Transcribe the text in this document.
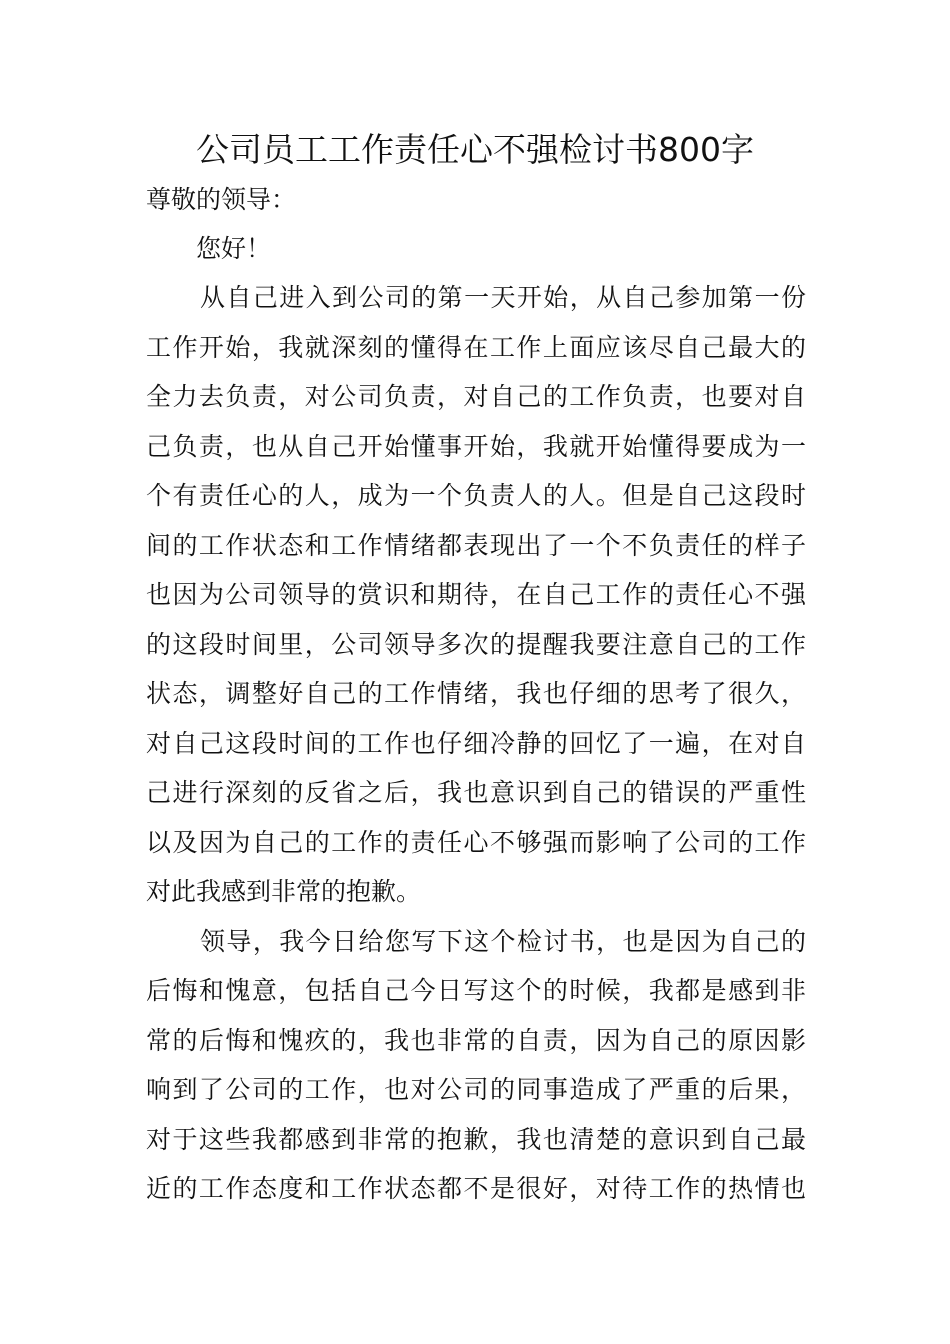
公司员工工作责任心不强检讨书800字

尊敬的领导：

您好！

从自己进入到公司的第一天开始，从自己参加第一份

工作开始，我就深刻的懂得在工作上面应该尽自己最大的

全力去负责，对公司负责，对自己的工作负责，也要对自

己负责，也从自己开始懂事开始，我就开始懂得要成为一

个有责任心的人，成为一个负责人的人。但是自己这段时

间的工作状态和工作情绪都表现出了一个不负责任的样子

也因为公司领导的赏识和期待，在自己工作的责任心不强

的这段时间里，公司领导多次的提醒我要注意自己的工作

状态，调整好自己的工作情绪，我也仔细的思考了很久，

对自己这段时间的工作也仔细冷静的回忆了一遍，在对自

己进行深刻的反省之后，我也意识到自己的错误的严重性

以及因为自己的工作的责任心不够强而影响了公司的工作

对此我感到非常的抱歉。

领导，我今日给您写下这个检讨书，也是因为自己的

后悔和愧意，包括自己今日写这个的时候，我都是感到非

常的后悔和愧疚的，我也非常的自责，因为自己的原因影

响到了公司的工作，也对公司的同事造成了严重的后果，

对于这些我都感到非常的抱歉，我也清楚的意识到自己最

近的工作态度和工作状态都不是很好，对待工作的热情也
